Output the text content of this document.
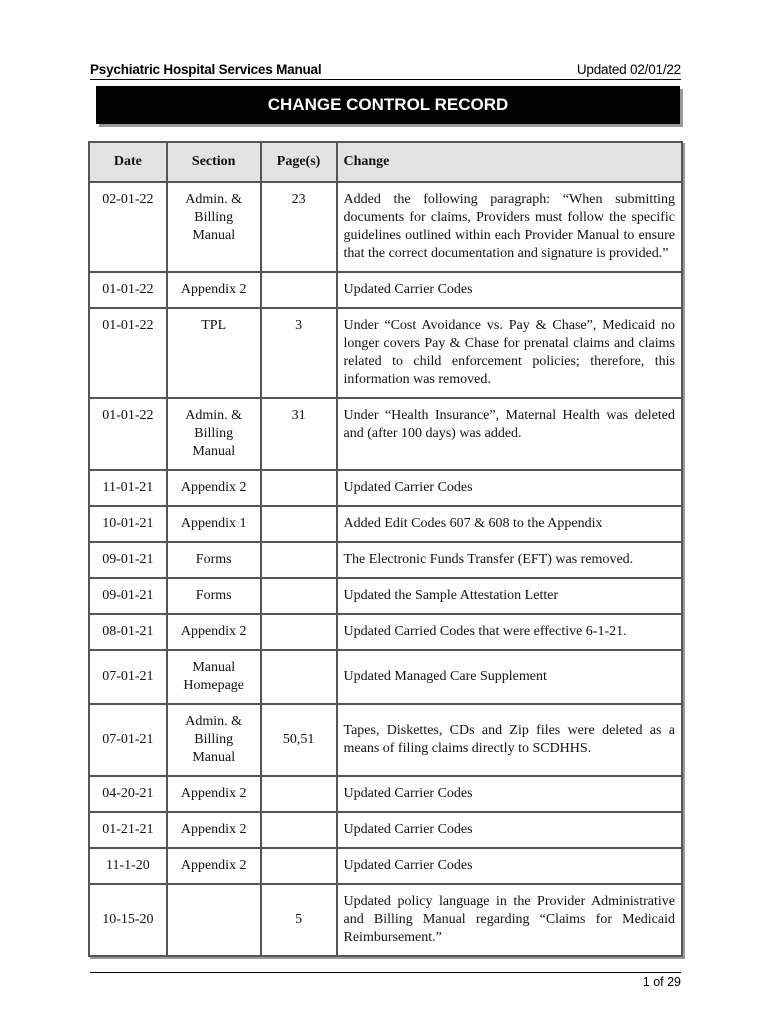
Psychiatric Hospital Services Manual	Updated 02/01/22
CHANGE CONTROL RECORD
Date	Section	Page(s)	Change
02-01-22	Admin. & Billing Manual	23	Added the following paragraph: “When submitting documents for claims, Providers must follow the specific guidelines outlined within each Provider Manual to ensure that the correct documentation and signature is provided.”
01-01-22	Appendix 2		Updated Carrier Codes
01-01-22	TPL	3	Under “Cost Avoidance vs. Pay & Chase”, Medicaid no longer covers Pay & Chase for prenatal claims and claims related to child enforcement policies; therefore, this information was removed.
01-01-22	Admin. & Billing Manual	31	Under “Health Insurance”, Maternal Health was deleted and (after 100 days) was added.
11-01-21	Appendix 2		Updated Carrier Codes
10-01-21	Appendix 1		Added Edit Codes 607 & 608 to the Appendix
09-01-21	Forms		The Electronic Funds Transfer (EFT) was removed.
09-01-21	Forms		Updated the Sample Attestation Letter
08-01-21	Appendix 2		Updated Carried Codes that were effective 6-1-21.
07-01-21	Manual Homepage		Updated Managed Care Supplement
07-01-21	Admin. & Billing Manual	50,51	Tapes, Diskettes, CDs and Zip files were deleted as a means of filing claims directly to SCDHHS.
04-20-21	Appendix 2		Updated Carrier Codes
01-21-21	Appendix 2		Updated Carrier Codes
11-1-20	Appendix 2		Updated Carrier Codes
10-15-20		5	Updated policy language in the Provider Administrative and Billing Manual regarding “Claims for Medicaid Reimbursement.”
1 of 29
